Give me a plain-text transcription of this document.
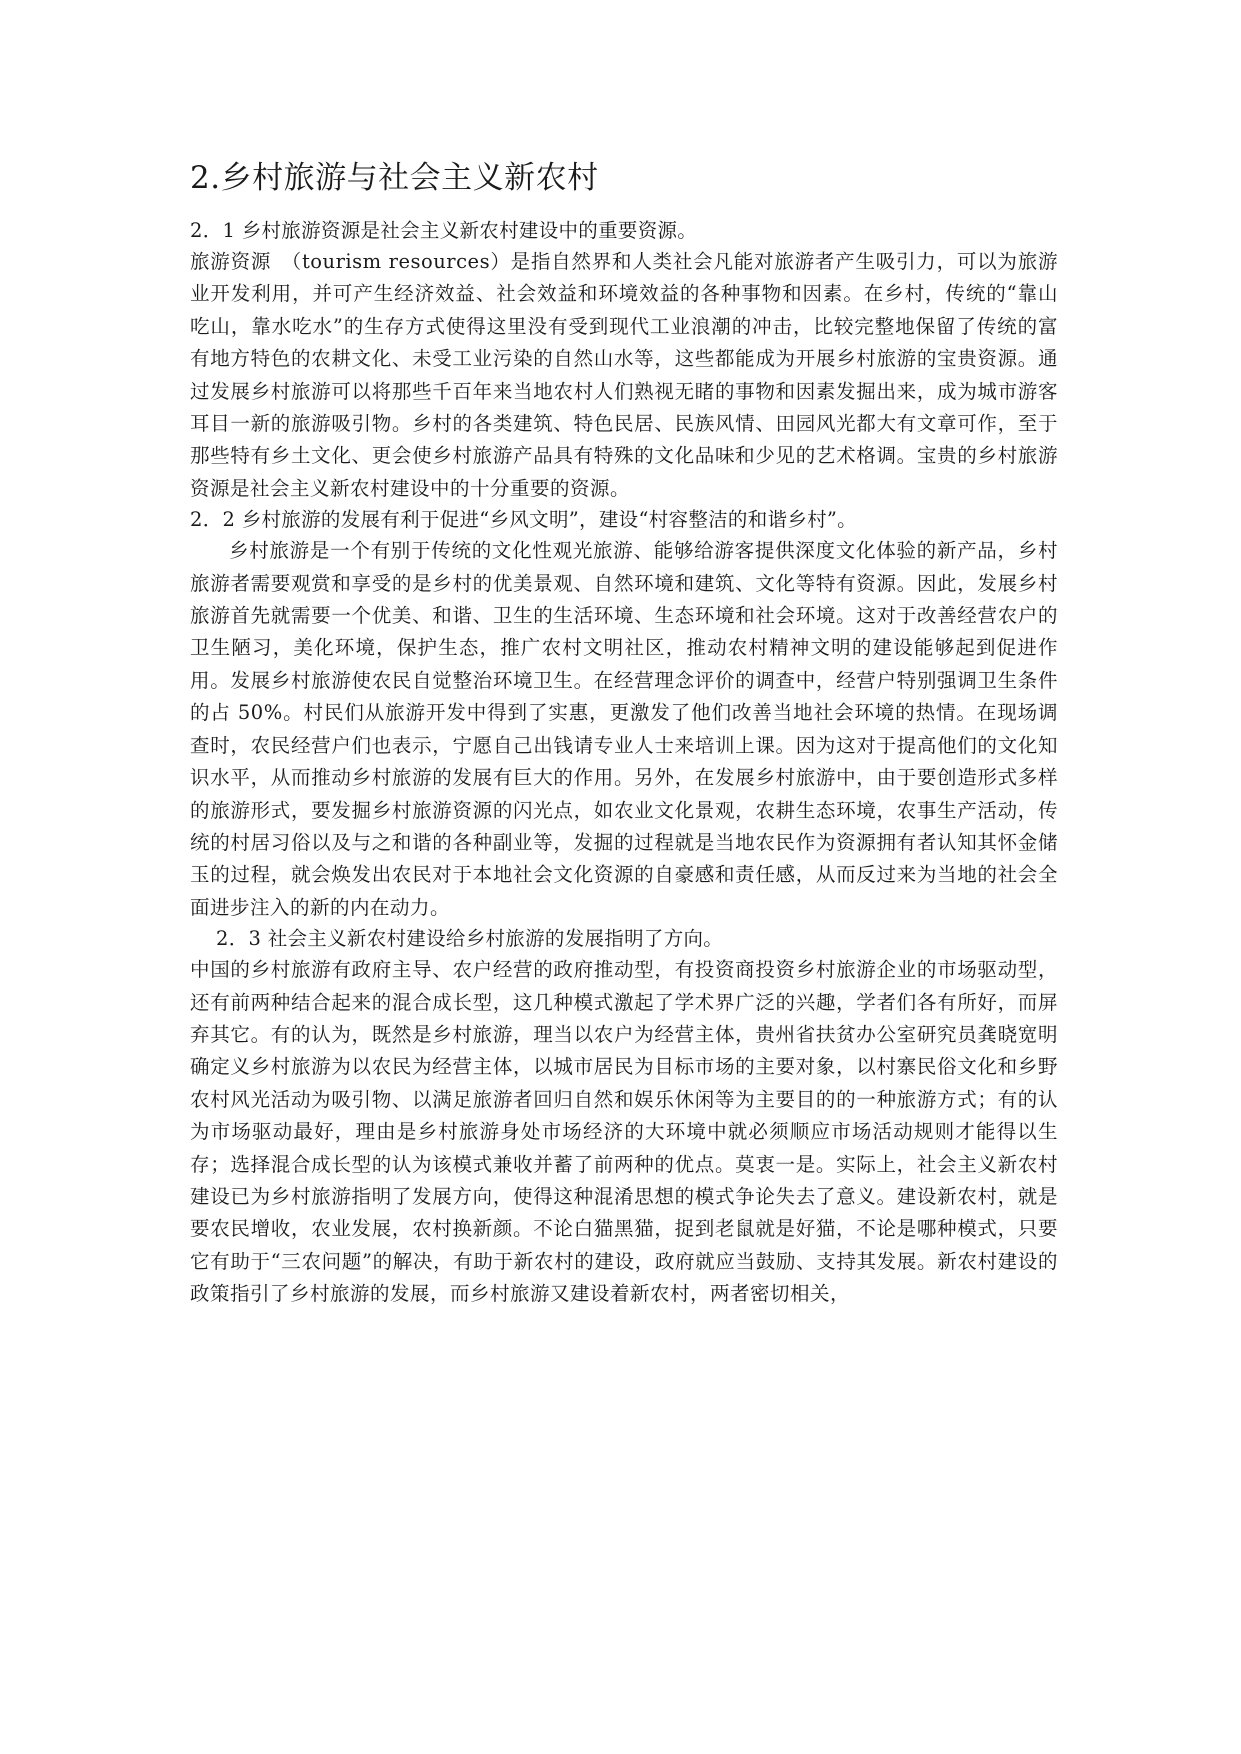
2.乡村旅游与社会主义新农村

2．1 乡村旅游资源是社会主义新农村建设中的重要资源。

旅游资源　（tourism resources）是指自然界和人类社会凡能对旅游者产生吸引力，可以为旅游业开发利用，并可产生经济效益、社会效益和环境效益的各种事物和因素。在乡村，传统的“靠山吃山，靠水吃水”的生存方式使得这里没有受到现代工业浪潮的冲击，比较完整地保留了传统的富有地方特色的农耕文化、未受工业污染的自然山水等，这些都能成为开展乡村旅游的宝贵资源。通过发展乡村旅游可以将那些千百年来当地农村人们熟视无睹的事物和因素发掘出来，成为城市游客耳目一新的旅游吸引物。乡村的各类建筑、特色民居、民族风情、田园风光都大有文章可作，至于那些特有乡土文化、更会使乡村旅游产品具有特殊的文化品味和少见的艺术格调。宝贵的乡村旅游资源是社会主义新农村建设中的十分重要的资源。

2．2 乡村旅游的发展有利于促进“乡风文明”，建设“村容整洁的和谐乡村”。

乡村旅游是一个有别于传统的文化性观光旅游、能够给游客提供深度文化体验的新产品，乡村旅游者需要观赏和享受的是乡村的优美景观、自然环境和建筑、文化等特有资源。因此，发展乡村旅游首先就需要一个优美、和谐、卫生的生活环境、生态环境和社会环境。这对于改善经营农户的卫生陋习，美化环境，保护生态，推广农村文明社区，推动农村精神文明的建设能够起到促进作用。发展乡村旅游使农民自觉整治环境卫生。在经营理念评价的调查中，经营户特别强调卫生条件的占 50%。村民们从旅游开发中得到了实惠，更激发了他们改善当地社会环境的热情。在现场调查时，农民经营户们也表示，宁愿自己出钱请专业人士来培训上课。因为这对于提高他们的文化知识水平，从而推动乡村旅游的发展有巨大的作用。另外，在发展乡村旅游中，由于要创造形式多样的旅游形式，要发掘乡村旅游资源的闪光点，如农业文化景观，农耕生态环境，农事生产活动，传统的村居习俗以及与之和谐的各种副业等，发掘的过程就是当地农民作为资源拥有者认知其怀金储玉的过程，就会焕发出农民对于本地社会文化资源的自豪感和责任感，从而反过来为当地的社会全面进步注入的新的内在动力。

2．3 社会主义新农村建设给乡村旅游的发展指明了方向。

中国的乡村旅游有政府主导、农户经营的政府推动型，有投资商投资乡村旅游企业的市场驱动型，还有前两种结合起来的混合成长型，这几种模式激起了学术界广泛的兴趣，学者们各有所好，而屏弃其它。有的认为，既然是乡村旅游，理当以农户为经营主体，贵州省扶贫办公室研究员龚晓宽明确定义乡村旅游为以农民为经营主体，以城市居民为目标市场的主要对象，以村寨民俗文化和乡野农村风光活动为吸引物、以满足旅游者回归自然和娱乐休闲等为主要目的的一种旅游方式；有的认为市场驱动最好，理由是乡村旅游身处市场经济的大环境中就必须顺应市场活动规则才能得以生存；选择混合成长型的认为该模式兼收并蓄了前两种的优点。莫衷一是。实际上，社会主义新农村建设已为乡村旅游指明了发展方向，使得这种混淆思想的模式争论失去了意义。建设新农村，就是要农民增收，农业发展，农村换新颜。不论白猫黑猫，捉到老鼠就是好猫，不论是哪种模式，只要它有助于“三农问题”的解决，有助于新农村的建设，政府就应当鼓励、支持其发展。新农村建设的政策指引了乡村旅游的发展，而乡村旅游又建设着新农村，两者密切相关，
